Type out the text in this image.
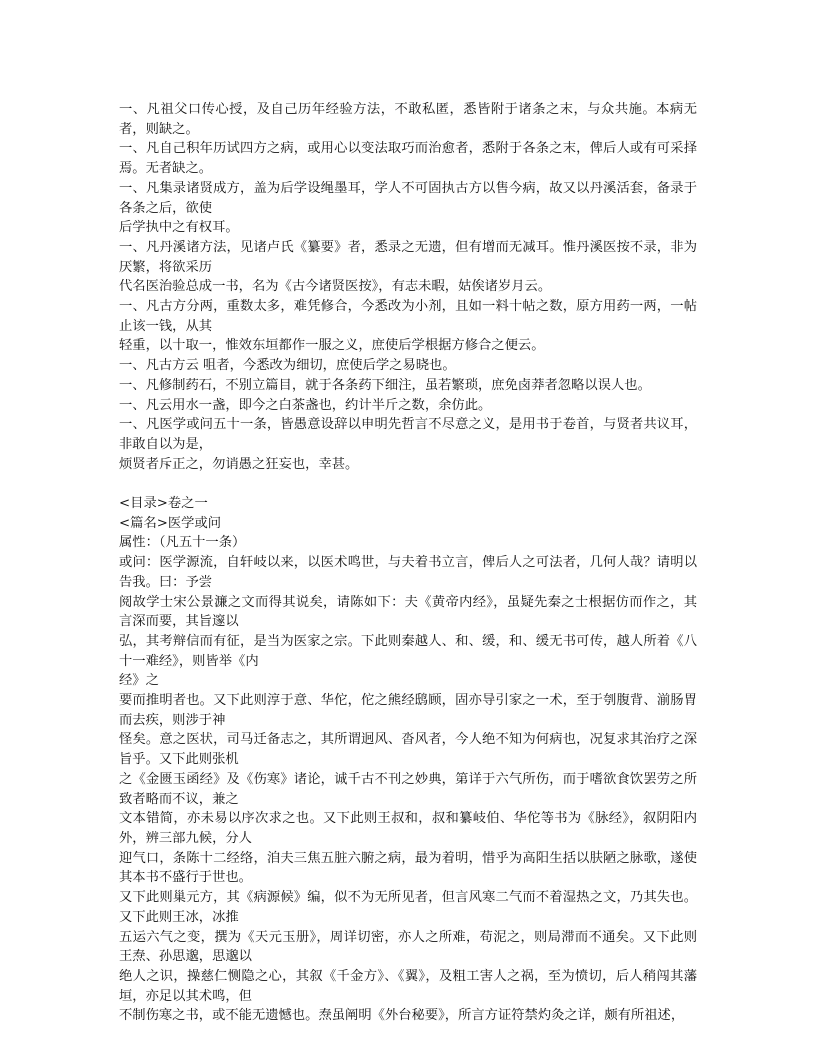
一、凡祖父口传心授，及自己历年经验方法，不敢私匿，悉皆附于诸条之末，与众共施。本病无者，则缺之。

一、凡自己积年历试四方之病，或用心以变法取巧而治愈者，悉附于各条之末，俾后人或有可采择焉。无者缺之。

一、凡集录诸贤成方，盖为后学设绳墨耳，学人不可固执古方以售今病，故又以丹溪活套，备录于各条之后，欲使

后学执中之有权耳。

一、凡丹溪诸方法，见诸卢氏《纂要》者，悉录之无遗，但有增而无减耳。惟丹溪医按不录，非为厌繁，将欲采历

代名医治验总成一书，名为《古今诸贤医按》，有志未暇，姑俟诸岁月云。

一、凡古方分两，重数太多，难凭修合，今悉改为小剂，且如一料十帖之数，原方用药一两，一帖止该一钱，从其

轻重，以十取一，惟效东垣都作一服之义，庶使后学根据方修合之便云。

一、凡古方云 咀者，今悉改为细切，庶使后学之易晓也。

一、凡修制药石，不别立篇目，就于各条药下细注，虽若繁琐，庶免卤莽者忽略以误人也。

一、凡云用水一盏，即今之白茶盏也，约计半斤之数，余仿此。

一、凡医学或问五十一条，皆愚意设辞以申明先哲言不尽意之义，是用书于卷首，与贤者共议耳，非敢自以为是，

烦贤者斥正之，勿诮愚之狂妄也，幸甚。

<目录>卷之一

<篇名>医学或问

属性：（凡五十一条）

或问：医学源流，自轩岐以来，以医术鸣世，与夫着书立言，俾后人之可法者，几何人哉？请明以告我。曰：予尝

阅故学士宋公景濂之文而得其说矣，请陈如下：夫《黄帝内经》，虽疑先秦之士根据仿而作之，其言深而要，其旨邃以

弘，其考辩信而有征，是当为医家之宗。下此则秦越人、和、缓，和、缓无书可传，越人所着《八十一难经》，则皆举《内

经》之

要而推明者也。又下此则淳于意、华佗，佗之熊经鸱顾，固亦导引家之一术，至于刳腹背、湔肠胃而去疾，则涉于神

怪矣。意之医状，司马迁备志之，其所谓迥风、沓风者，今人绝不知为何病也，况复求其治疗之深旨乎。又下此则张机

之《金匮玉函经》及《伤寒》诸论，诚千古不刊之妙典，第详于六气所伤，而于嗜欲食饮罢劳之所致者略而不议，兼之

文本错简，亦未易以序次求之也。又下此则王叔和，叔和纂岐伯、华佗等书为《脉经》，叙阴阳内外，辨三部九候，分人

迎气口，条陈十二经络，洎夫三焦五脏六腑之病，最为着明，惜乎为高阳生括以肤陋之脉歌，遂使其本书不盛行于世也。

又下此则巢元方，其《病源候》编，似不为无所见者，但言风寒二气而不着湿热之文，乃其失也。又下此则王冰，冰推

五运六气之变，撰为《天元玉册》，周详切密，亦人之所难，苟泥之，则局滞而不通矣。又下此则王焘、孙思邈，思邈以

绝人之识，操慈仁恻隐之心，其叙《千金方》、《翼》，及粗工害人之祸，至为愤切，后人稍闯其藩垣，亦足以其术鸣，但

不制伤寒之书，或不能无遗憾也。焘虽阐明《外台秘要》，所言方证符禁灼灸之详，颇有所祖述，
